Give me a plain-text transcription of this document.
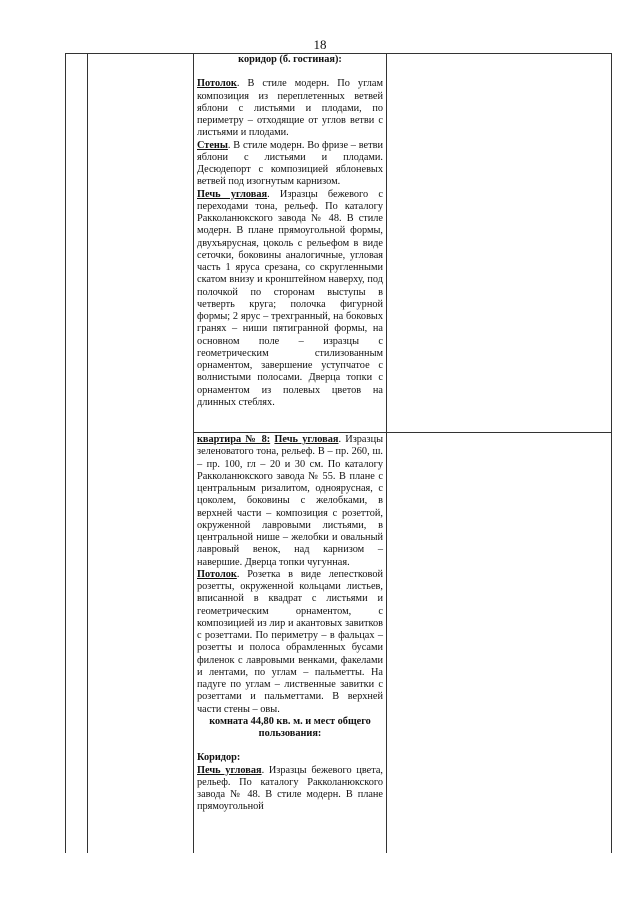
18

коридор (б. гостиная):

Потолок. В стиле модерн. По углам композиция из переплетенных ветвей яблони с листьями и плодами, по периметру – отходящие от углов ветви с листьями и плодами.

Стены. В стиле модерн. Во фризе – ветви яблони с листьями и плодами. Десюдепорт с композицией яблоневых ветвей под изогнутым карнизом.

Печь угловая. Изразцы бежевого с переходами тона, рельеф. По каталогу Ракколанюкского завода № 48. В стиле модерн. В плане прямоугольной формы, двухъярусная, цоколь с рельефом в виде сеточки, боковины аналогичные, угловая часть 1 яруса срезана, со скругленными скатом внизу и кронштейном наверху, под полочкой по сторонам выступы в четверть круга; полочка фигурной формы; 2 ярус – трехгранный, на боковых гранях – ниши пятигранной формы, на основном поле – изразцы с геометрическим стилизованным орнаментом, завершение уступчатое с волнистыми полосами. Дверца топки с орнаментом из полевых цветов на длинных стеблях.

квартира № 8: Печь угловая. Изразцы зеленоватого тона, рельеф. В – пр. 260, ш. – пр. 100, гл – 20 и 30 см. По каталогу Ракколанюкского завода № 55. В плане с центральным ризалитом, одноярусная, с цоколем, боковины с желобками, в верхней части – композиция с розеттой, окруженной лавровыми листьями, в центральной нише – желобки и овальный лавровый венок, над карнизом – навершие. Дверца топки чугунная.

Потолок. Розетка в виде лепестковой розетты, окруженной кольцами листьев, вписанной в квадрат с листьями и геометрическим орнаментом, с композицией из лир и акантовых завитков с розеттами. По периметру – в фальцах – розетты и полоса обрамленных бусами филенок с лавровыми венками, факелами и лентами, по углам – пальметты. На падуге по углам – лиственные завитки с розеттами и пальметтами. В верхней части стены – овы.

комната 44,80 кв. м. и мест общего пользования:

Коридор:

Печь угловая. Изразцы бежевого цвета, рельеф. По каталогу Ракколанюкского завода № 48. В стиле модерн. В плане прямоугольной
